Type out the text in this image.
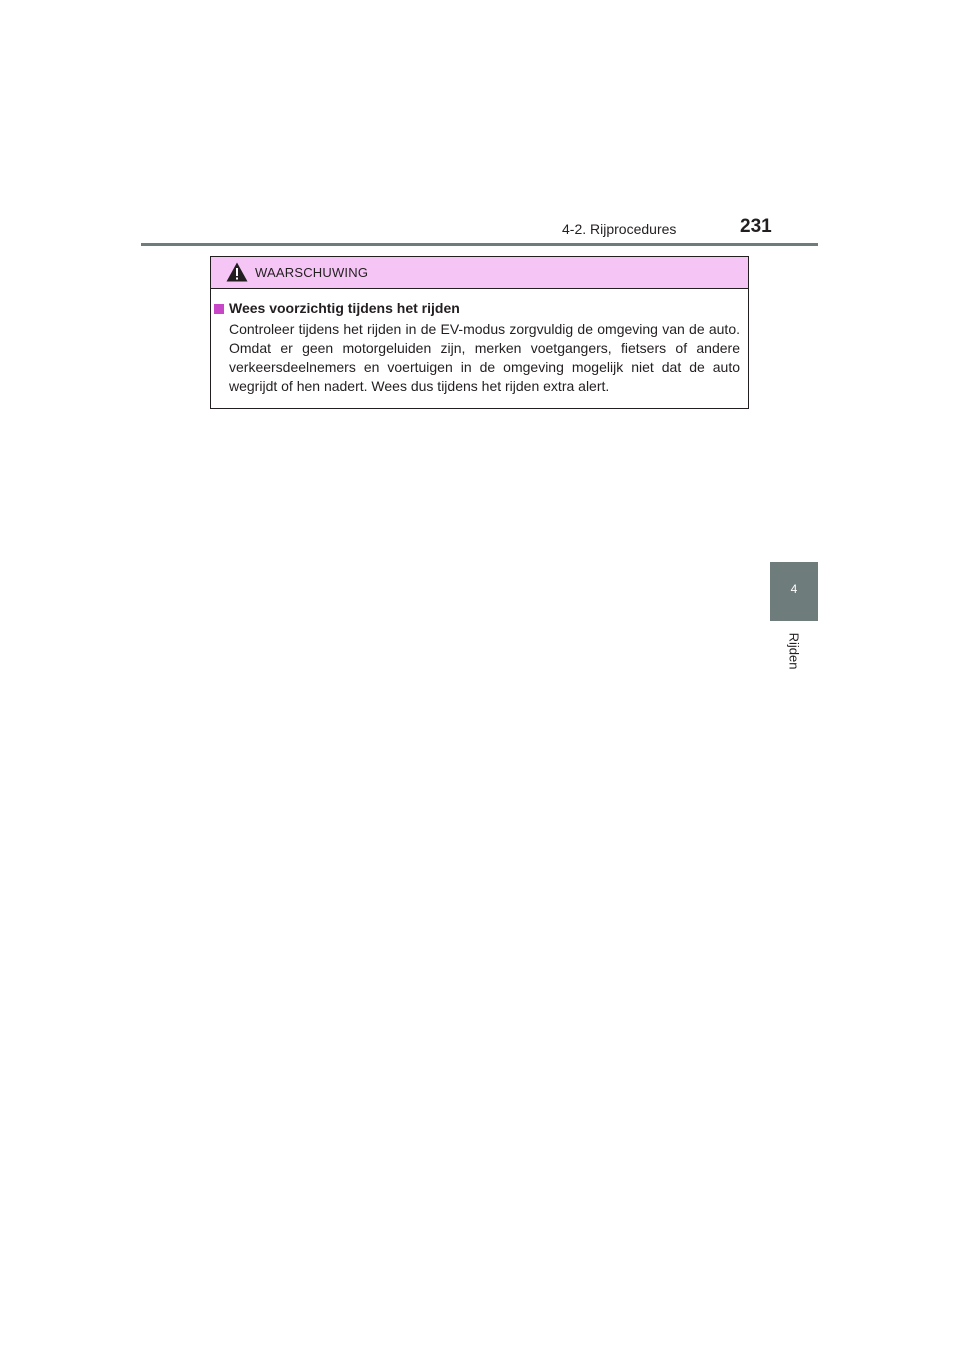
4-2. Rijprocedures	231
4
Rijden
WAARSCHUWING
Wees voorzichtig tijdens het rijden
Controleer tijdens het rijden in de EV-modus zorgvuldig de omgeving van de auto. Omdat er geen motorgeluiden zijn, merken voetgangers, fietsers of andere verkeersdeelnemers en voertuigen in de omgeving mogelijk niet dat de auto wegrijdt of hen nadert. Wees dus tijdens het rijden extra alert.
